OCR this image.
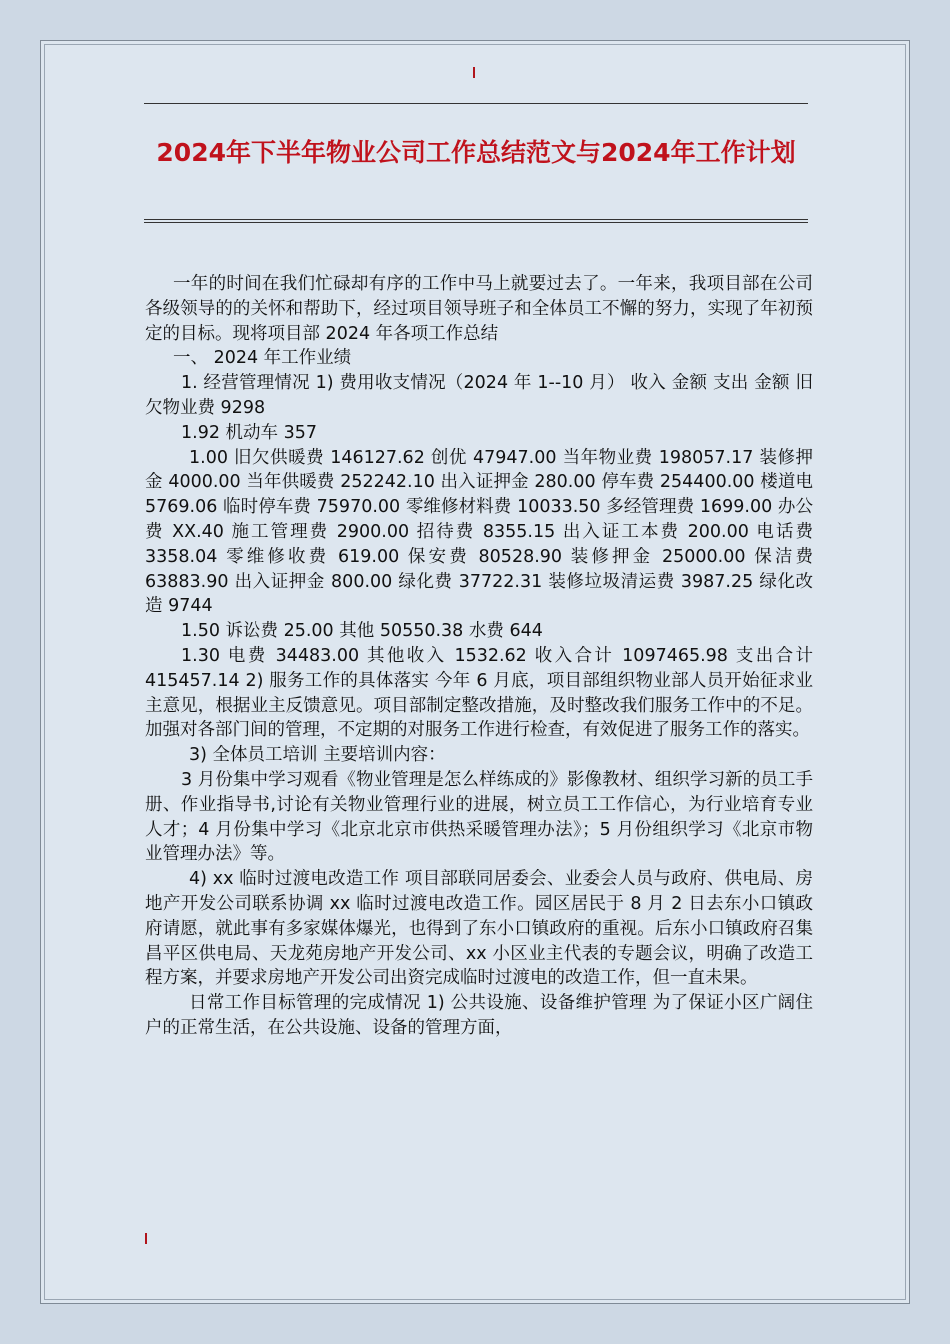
2024年下半年物业公司工作总结范文与2024年工作计划

一年的时间在我们忙碌却有序的工作中马上就要过去了。一年来，我项目部在公司各级领导的的关怀和帮助下，经过项目领导班子和全体员工不懈的努力，实现了年初预定的目标。现将项目部 2024 年各项工作总结

一、 2024 年工作业绩

1. 经营管理情况 1) 费用收支情况（2024 年 1--10 月） 收入 金额 支出 金额 旧欠物业费 9298

1.92 机动车 357

1.00 旧欠供暖费 146127.62 创优 47947.00 当年物业费 198057.17 装修押金 4000.00 当年供暖费 252242.10 出入证押金 280.00 停车费 254400.00 楼道电 5769.06 临时停车费 75970.00 零维修材料费 10033.50 多经管理费 1699.00 办公费 XX.40 施工管理费 2900.00 招待费 8355.15 出入证工本费 200.00 电话费 3358.04 零维修收费 619.00 保安费 80528.90 装修押金 25000.00 保洁费 63883.90 出入证押金 800.00 绿化费 37722.31 装修垃圾清运费 3987.25 绿化改造 9744

1.50 诉讼费 25.00 其他 50550.38 水费 644

1.30 电费 34483.00 其他收入 1532.62 收入合计 1097465.98 支出合计 415457.14 2) 服务工作的具体落实 今年 6 月底，项目部组织物业部人员开始征求业主意见，根据业主反馈意见。项目部制定整改措施，及时整改我们服务工作中的不足。加强对各部门间的管理，不定期的对服务工作进行检查，有效促进了服务工作的落实。

3) 全体员工培训 主要培训内容：

3 月份集中学习观看《物业管理是怎么样练成的》影像教材、组织学习新的员工手册、作业指导书,讨论有关物业管理行业的进展，树立员工工作信心，为行业培育专业人才；4 月份集中学习《北京北京市供热采暖管理办法》；5 月份组织学习《北京市物业管理办法》等。

4) xx 临时过渡电改造工作 项目部联同居委会、业委会人员与政府、供电局、房地产开发公司联系协调 xx 临时过渡电改造工作。园区居民于 8 月 2 日去东小口镇政府请愿，就此事有多家媒体爆光，也得到了东小口镇政府的重视。后东小口镇政府召集昌平区供电局、天龙苑房地产开发公司、xx 小区业主代表的专题会议，明确了改造工程方案，并要求房地产开发公司出资完成临时过渡电的改造工作，但一直未果。

日常工作目标管理的完成情况 1) 公共设施、设备维护管理 为了保证小区广阔住户的正常生活，在公共设施、设备的管理方面，
